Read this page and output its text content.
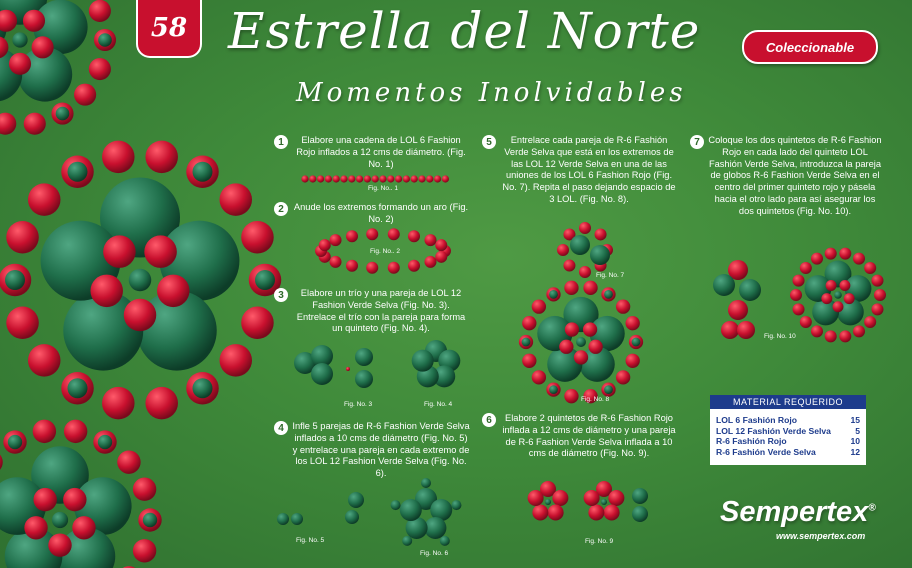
58 Estrella del Norte
Momentos Inolvidables
Coleccionable
1	Elabore una cadena de LOL 6 Fashion Rojo inflados a 12 cms de diámetro. (Fig. No. 1)
2	Anude los extremos formando un aro (Fig. No. 2)
3	Elabore un trío y una pareja de LOL 12 Fashion Verde Selva (Fig. No. 3). Entrelace el trío con la pareja para forma un quinteto (Fig. No. 4).
4 Infle 5 parejas de R-6 Fashion Verde Selva inflados a 10 cms de diámetro (Fig. No. 5) y entrelace una pareja en cada extremo de los LOL 12 Fashion Verde Selva (Fig. No. 6).
5	Entrelace cada pareja de R-6 Fashión Verde Selva que está en los extremos de las LOL 12 Verde Selva en una de las uniones de los LOL 6 Fashion Rojo (Fig. No. 7). Repita el paso dejando espacio de 3 LOL. (Fig. No. 8).
6	Elabore 2 quintetos de R-6 Fashion Rojo inflada a 12 cms de diámetro y una pareja de R-6 Fashion Verde Selva inflada a 10 cms de diámetro (Fig. No. 9).
7 Coloque los dos quintetos de R-6 Fashion Rojo en cada lado del quinteto LOL Fashión Verde Selva, introduzca la pareja de globos R-6 Fashion Verde Selva en el centro del primer quinteto rojo y pásela hacia el otro lado para así asegurar los dos quintetos (Fig. No. 10).
Fig. No.. 1
Fig. No.. 2
Fig. No. 3	Fig. No. 4
Fig. No. 5
Fig. No. 6
Fig. No. 7
Fig. No. 8
Fig. No. 9
Fig. No. 10
MATERIAL REQUERIDO
LOL 6 Fashión Rojo	15
LOL 12 Fashión Verde Selva	5
R-6 Fashión Rojo	10
R-6 Fashión Verde Selva	12
Sempertex®
www.sempertex.com
